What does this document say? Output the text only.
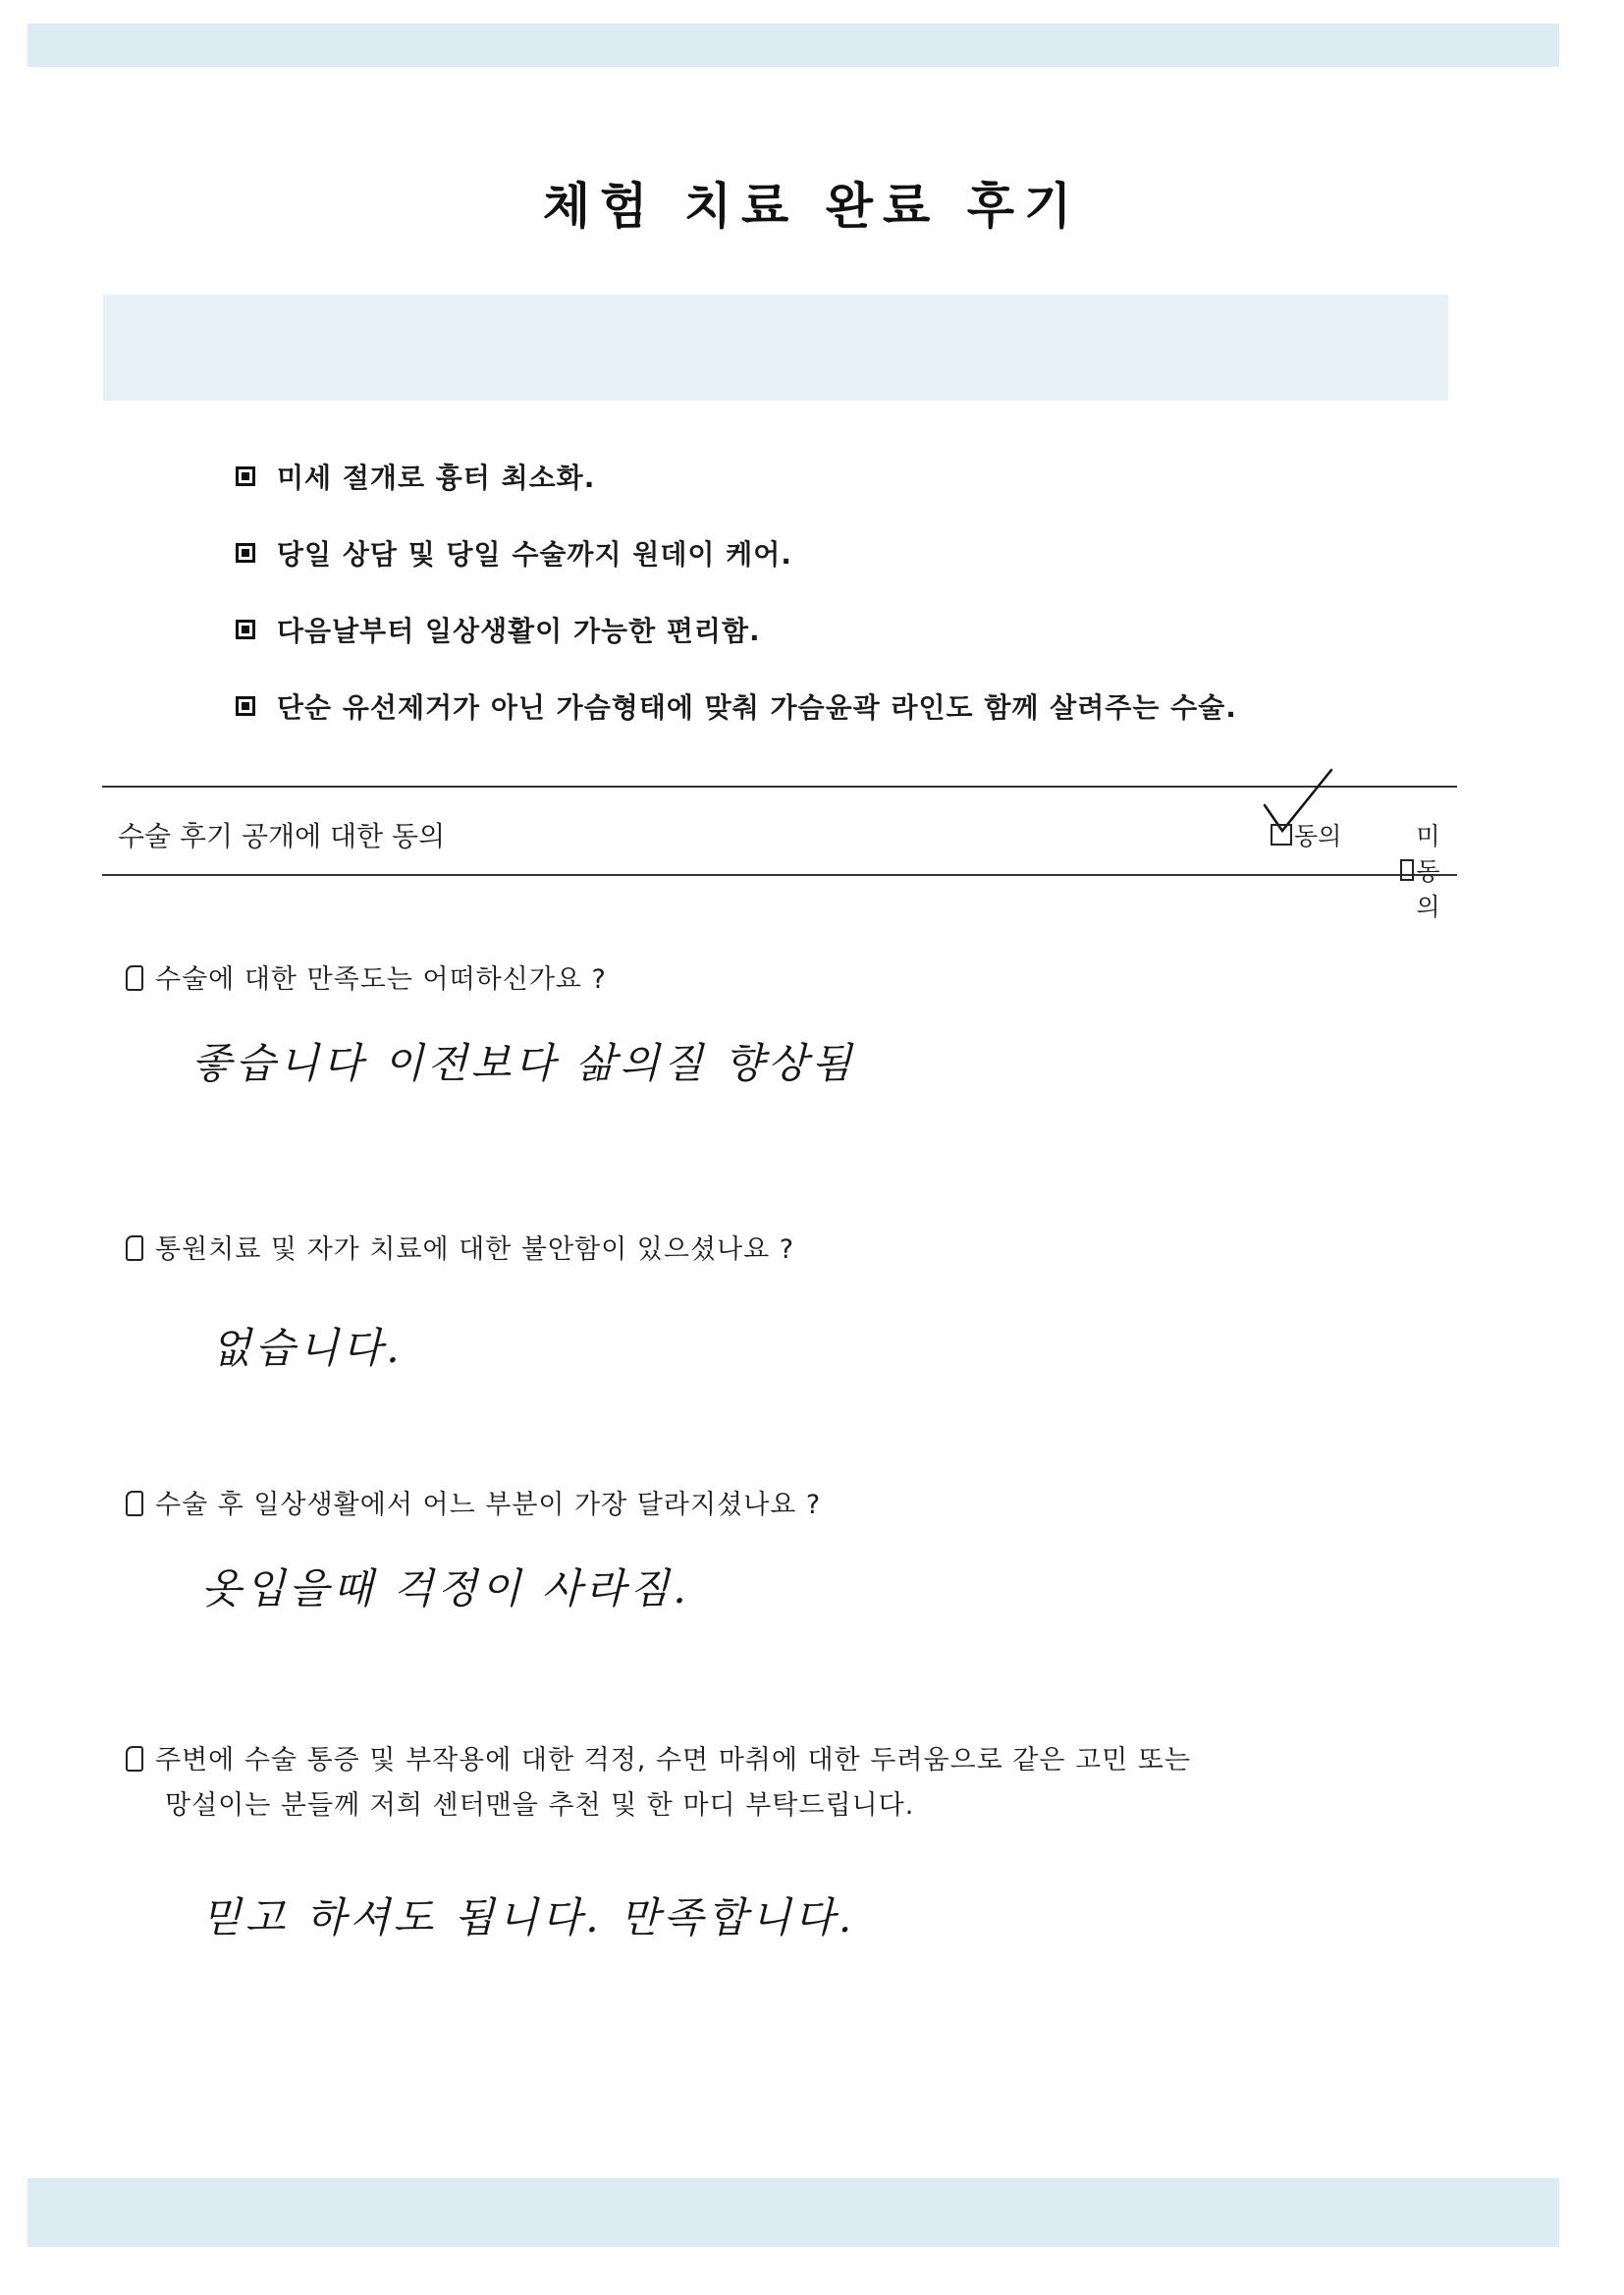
체험 치료 완료 후기
미세 절개로 흉터 최소화.
당일 상담 및 당일 수술까지 원데이 케어.
다음날부터 일상생활이 가능한 편리함.
단순 유선제거가 아닌 가슴형태에 맞춰 가슴윤곽 라인도 함께 살려주는 수술.
수술 후기 공개에 대한 동의	동의	미동의
수술에 대한 만족도는 어떠하신가요 ?
좋습니다 이전보다 삶의질 향상됨
통원치료 및 자가 치료에 대한 불안함이 있으셨나요 ?
없습니다.
수술 후 일상생활에서 어느 부분이 가장 달라지셨나요 ?
옷입을때 걱정이 사라짐.
주변에 수술 통증 및 부작용에 대한 걱정, 수면 마취에 대한 두려움으로 같은 고민 또는
망설이는 분들께 저희 센터맨을 추천 및 한 마디 부탁드립니다.
믿고 하셔도 됩니다. 만족합니다.
